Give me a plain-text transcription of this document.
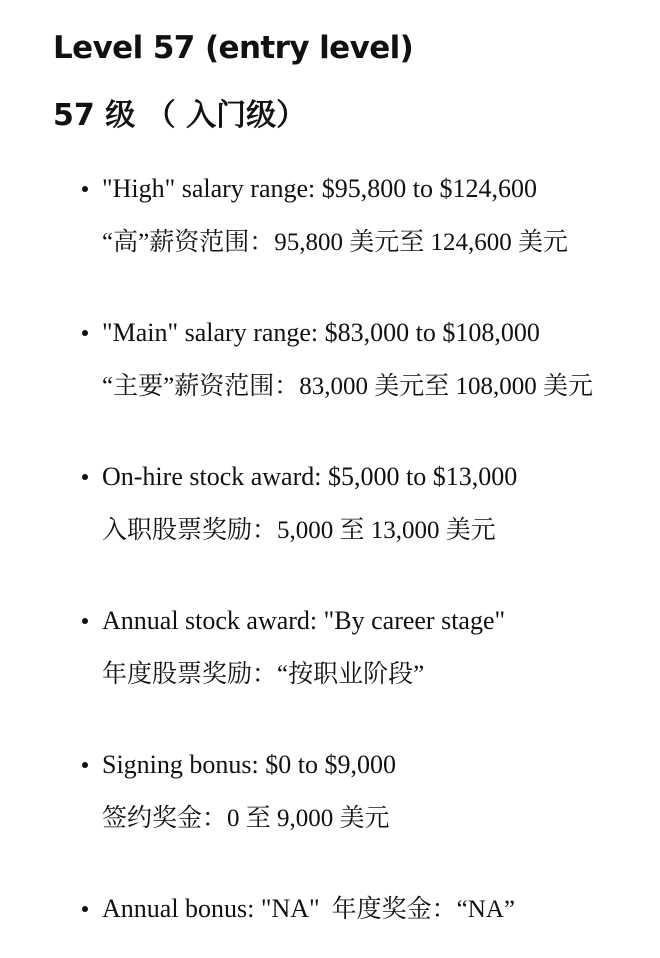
Level 57 (entry level)
57 级 （ 入门级）
"High" salary range: $95,800 to $124,600
“高”薪资范围：95,800 美元至 124,600 美元
"Main" salary range: $83,000 to $108,000
“主要”薪资范围：83,000 美元至 108,000 美元
On-hire stock award: $5,000 to $13,000
入职股票奖励：5,000 至 13,000 美元
Annual stock award: "By career stage"
年度股票奖励：“按职业阶段”
Signing bonus: $0 to $9,000
签约奖金：0 至 9,000 美元
Annual bonus: "NA" 年度奖金：“NA”
